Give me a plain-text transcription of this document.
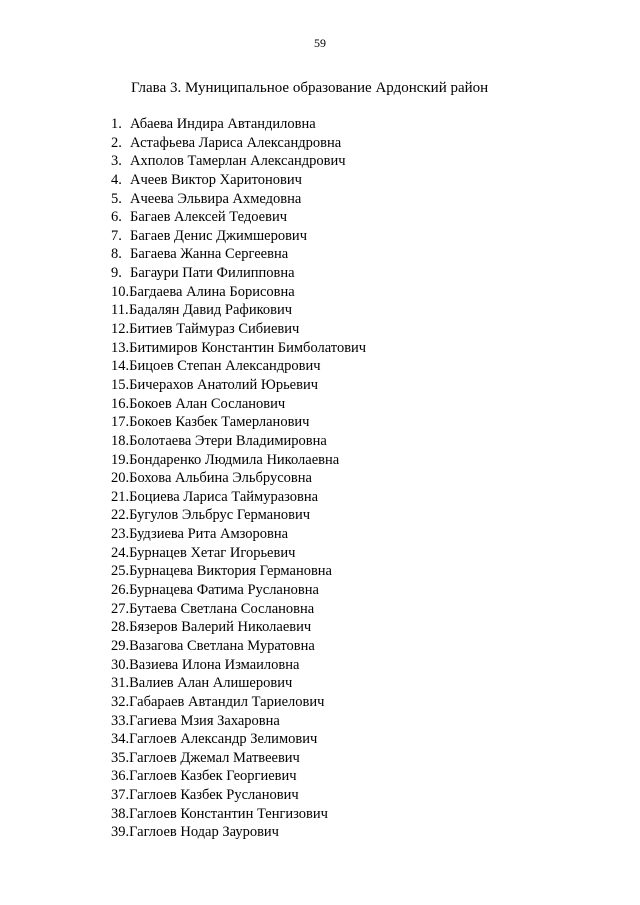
59
Глава 3. Муниципальное образование Ардонский район
1. Абаева Индира Автандиловна
2. Астафьева Лариса Александровна
3. Ахполов Тамерлан Александрович
4. Ачеев Виктор Харитонович
5. Ачеева Эльвира Ахмедовна
6. Багаев Алексей Тедоевич
7. Багаев Денис Джимшерович
8. Багаева Жанна Сергеевна
9. Багаури Пати Филипповна
10. Багдаева Алина Борисовна
11. Бадалян Давид Рафикович
12. Битиев Таймураз Сибиевич
13. Битимиров Константин Бимболатович
14. Бицоев Степан Александрович
15. Бичерахов Анатолий Юрьевич
16. Бокоев Алан Сосланович
17. Бокоев Казбек Тамерланович
18. Болотаева Этери Владимировна
19. Бондаренко Людмила Николаевна
20. Бохова Альбина Эльбрусовна
21. Боциева Лариса Таймуразовна
22. Бугулов Эльбрус Германович
23. Будзиева Рита Амзоровна
24. Бурнацев Хетаг Игорьевич
25. Бурнацева Виктория Германовна
26. Бурнацева Фатима Руслановна
27. Бутаева Светлана Сослановна
28. Бязеров Валерий Николаевич
29. Вазагова Светлана Муратовна
30. Вазиева Илона Измаиловна
31. Валиев Алан Алишерович
32. Габараев Автандил Тариелович
33. Гагиева Мзия Захаровна
34. Гаглоев Александр Зелимович
35. Гаглоев Джемал Матвеевич
36. Гаглоев Казбек Георгиевич
37. Гаглоев Казбек Русланович
38. Гаглоев Константин Тенгизович
39. Гаглоев Нодар Заурович
